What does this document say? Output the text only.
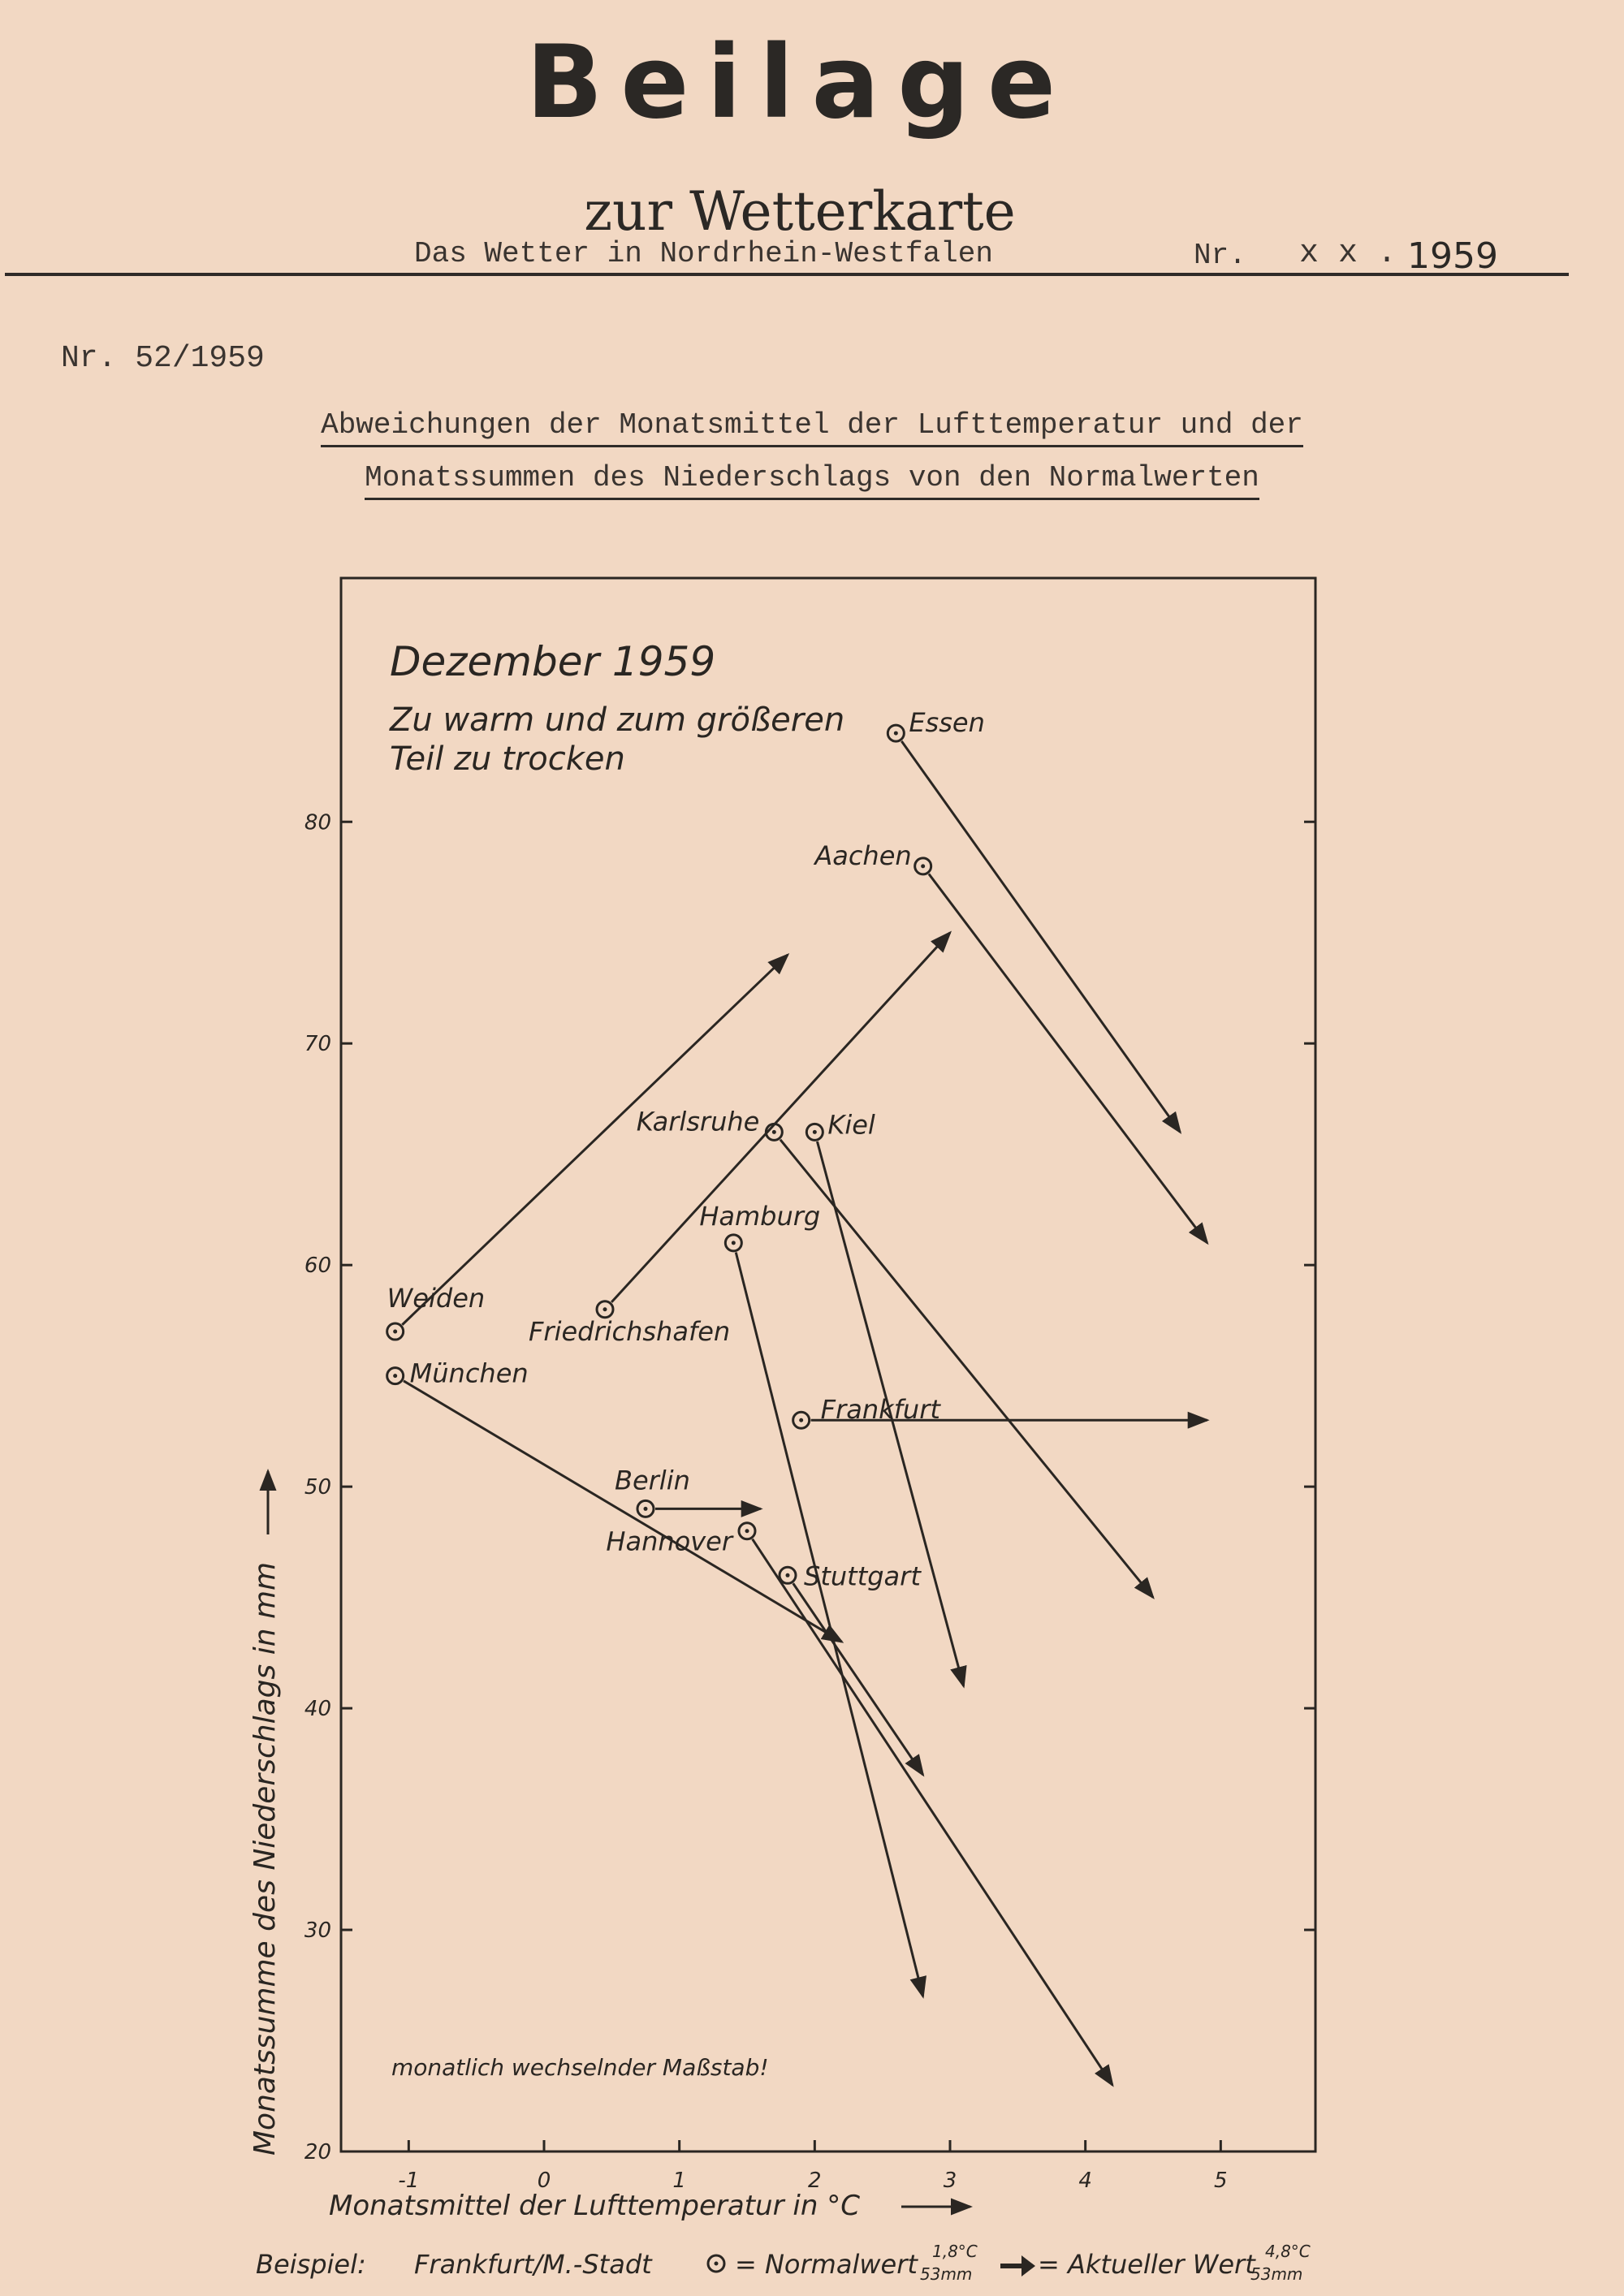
Beilage
zur Wetterkarte
Das Wetter in Nordrhein-Westfalen	Nr. x x . 1959
Nr. 52/1959
Abweichungen der Monatsmittel der Lufttemperatur und der
Monatssummen des Niederschlags von den Normalwerten
-1	0	1	2	3	4	5
20
30
40
50
60
70
80
Essen
Aachen
Karlsruhe	Kiel
Hamburg
Friedrichshafen
Weiden
München
Frankfurt
Berlin
Hannover
Stuttgart
Dezember 1959
Zu warm und zum größeren
Teil zu trocken
monatlich wechselnder Maßstab!
Monatsmittel der Lufttemperatur in °C
Monatssumme des Niederschlags in mm
Beispiel: Frankfurt/M.-Stadt	= Normalwert 1,8°C
53mm	= Aktueller Wert 4,8°C
53mm
